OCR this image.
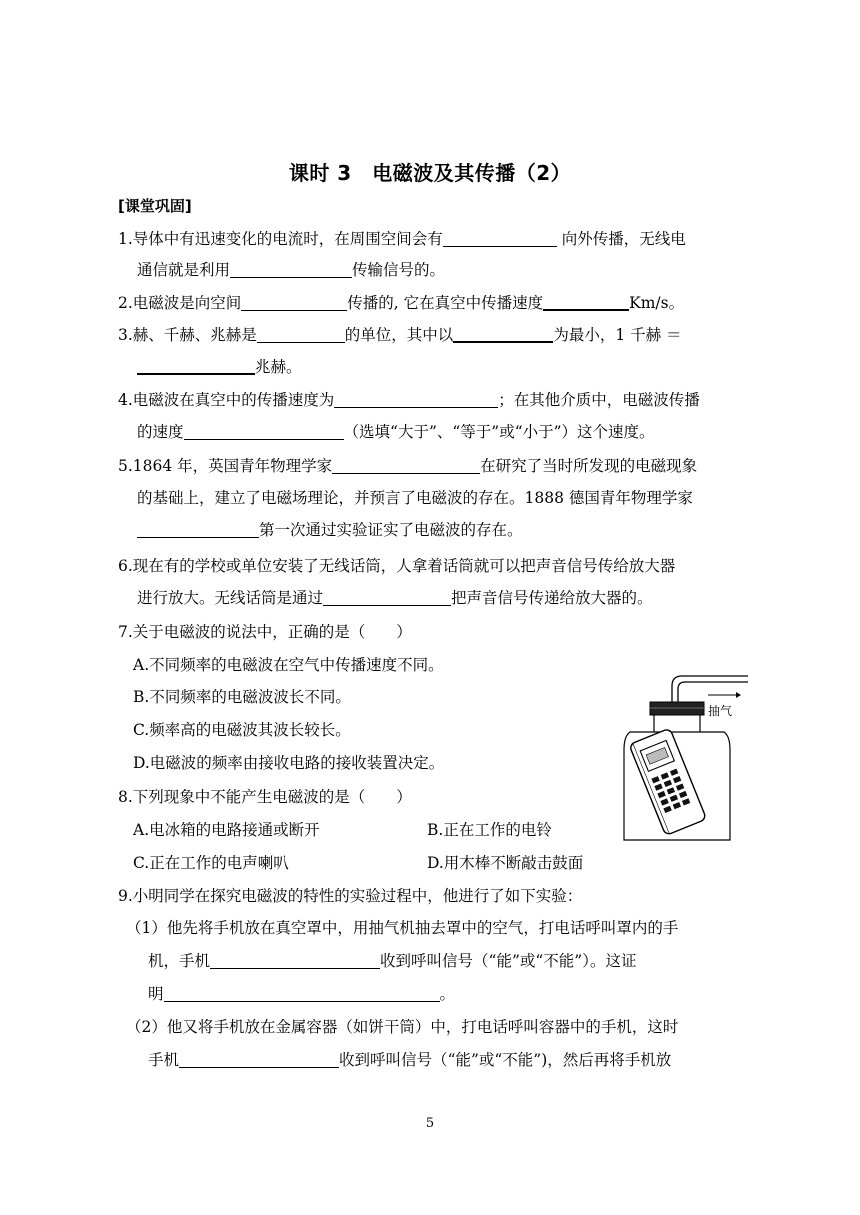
课时 3　电磁波及其传播（2）
[课堂巩固]
1.导体中有迅速变化的电流时，在周围空间会有	向外传播，无线电
通信就是利用	传输信号的。
2.电磁波是向空间	传播的, 它在真空中传播速度	Km/s。
3.赫、千赫、兆赫是	的单位，其中以	为最小，1 千赫 ＝
兆赫。
4.电磁波在真空中的传播速度为	；在其他介质中，电磁波传播
的速度	（选填“大于”、“等于”或“小于”）这个速度。
5.1864 年，英国青年物理学家	在研究了当时所发现的电磁现象
的基础上，建立了电磁场理论，并预言了电磁波的存在。1888 德国青年物理学家
第一次通过实验证实了电磁波的存在。
6.现在有的学校或单位安装了无线话筒，人拿着话筒就可以把声音信号传给放大器
进行放大。无线话筒是通过	把声音信号传递给放大器的。
7.关于电磁波的说法中，正确的是（　　）
A.不同频率的电磁波在空气中传播速度不同。
B.不同频率的电磁波波长不同。
C.频率高的电磁波其波长较长。
D.电磁波的频率由接收电路的接收装置决定。
8.下列现象中不能产生电磁波的是（　　）
A.电冰箱的电路接通或断开	B.正在工作的电铃
C.正在工作的电声喇叭	D.用木棒不断敲击鼓面
9.小明同学在探究电磁波的特性的实验过程中，他进行了如下实验：
（1）他先将手机放在真空罩中，用抽气机抽去罩中的空气，打电话呼叫罩内的手
机，手机	收到呼叫信号（“能”或“不能”）。这证
明	。
（2）他又将手机放在金属容器（如饼干筒）中，打电话呼叫容器中的手机，这时
手机	收到呼叫信号（“能”或“不能”)，然后再将手机放
抽气
5
